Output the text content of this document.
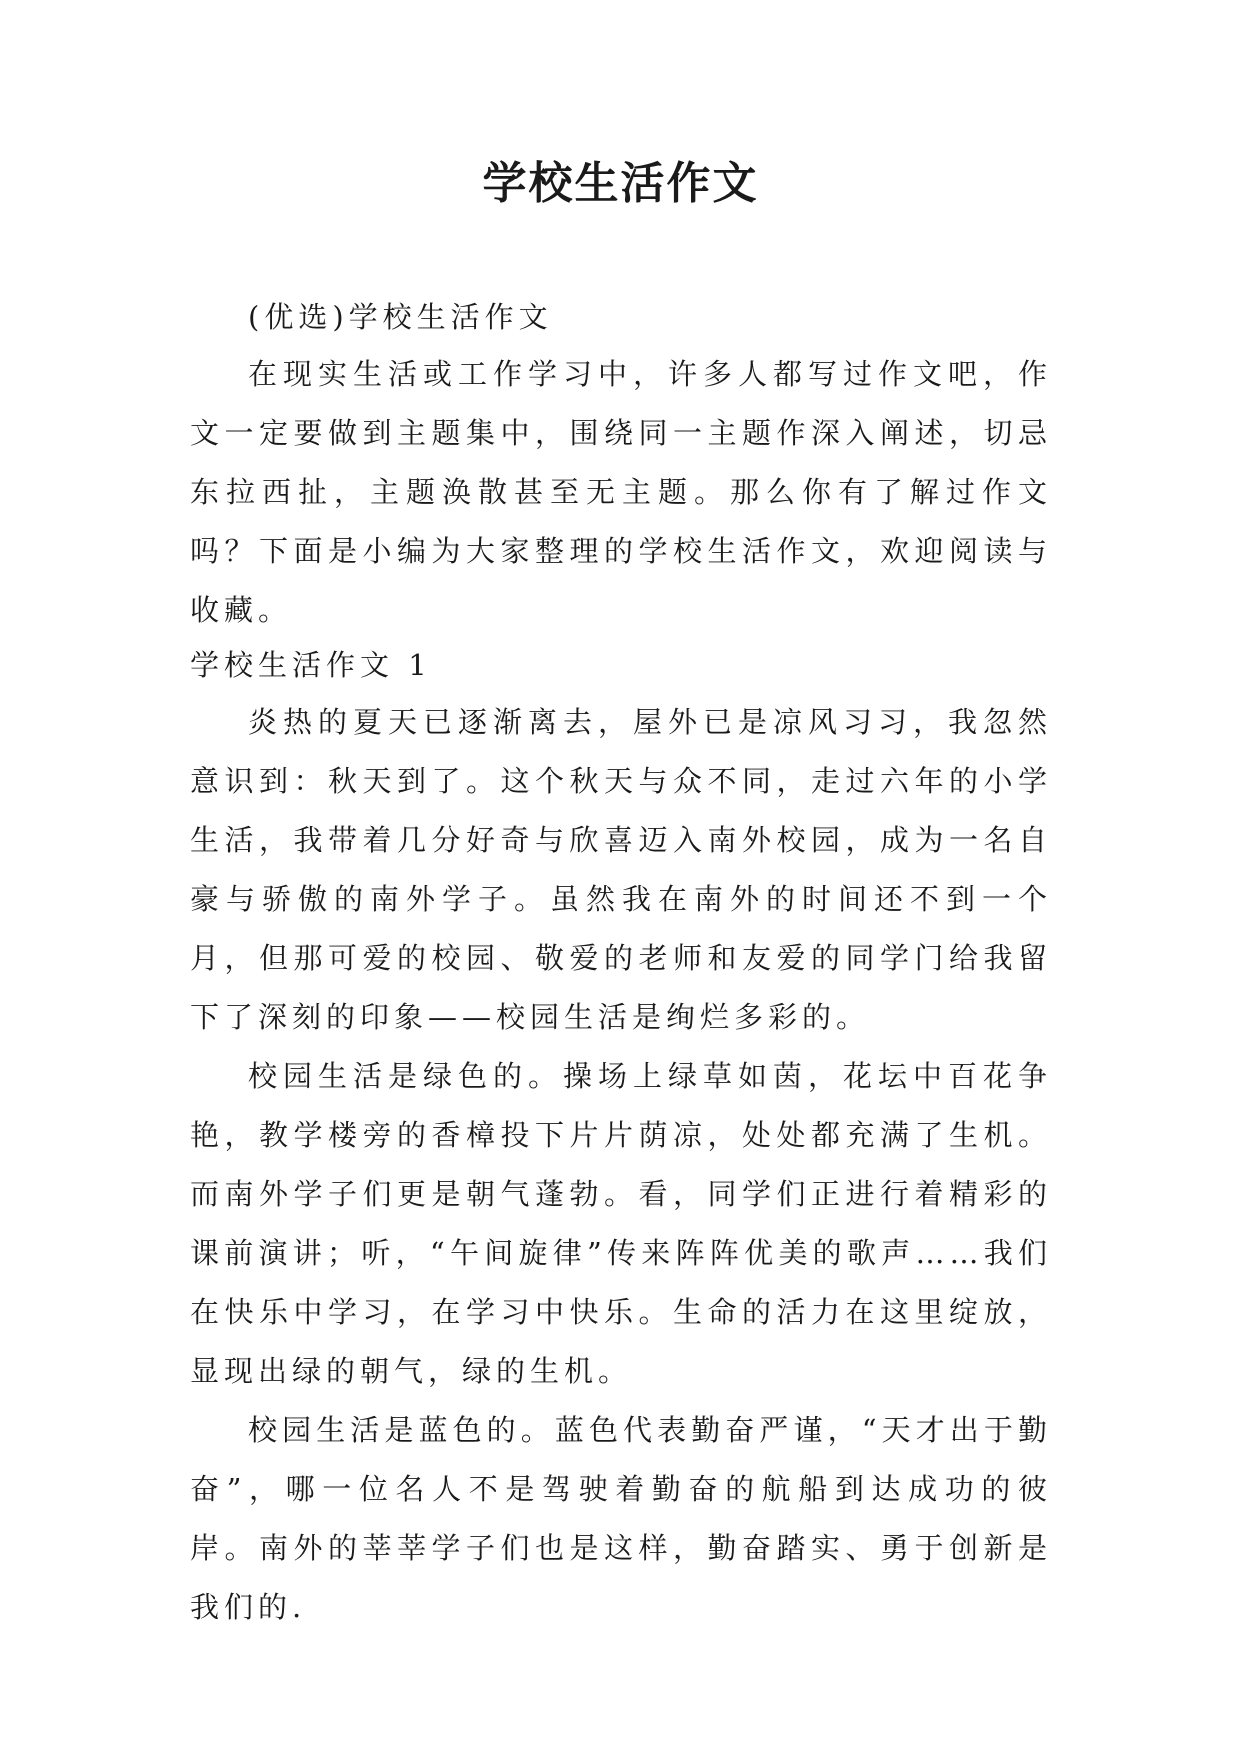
学校生活作文

(优选)学校生活作文

在现实生活或工作学习中，许多人都写过作文吧，作文一定要做到主题集中，围绕同一主题作深入阐述，切忌东拉西扯，主题涣散甚至无主题。那么你有了解过作文吗？下面是小编为大家整理的学校生活作文，欢迎阅读与收藏。

学校生活作文 1

炎热的夏天已逐渐离去，屋外已是凉风习习，我忽然意识到：秋天到了。这个秋天与众不同，走过六年的小学生活，我带着几分好奇与欣喜迈入南外校园，成为一名自豪与骄傲的南外学子。虽然我在南外的时间还不到一个月，但那可爱的校园、敬爱的老师和友爱的同学门给我留下了深刻的印象——校园生活是绚烂多彩的。

校园生活是绿色的。操场上绿草如茵，花坛中百花争艳，教学楼旁的香樟投下片片荫凉，处处都充满了生机。而南外学子们更是朝气蓬勃。看，同学们正进行着精彩的课前演讲；听，“午间旋律”传来阵阵优美的歌声……我们在快乐中学习，在学习中快乐。生命的活力在这里绽放，显现出绿的朝气，绿的生机。

校园生活是蓝色的。蓝色代表勤奋严谨，“天才出于勤奋”，哪一位名人不是驾驶着勤奋的航船到达成功的彼岸。南外的莘莘学子们也是这样，勤奋踏实、勇于创新是我们的.
